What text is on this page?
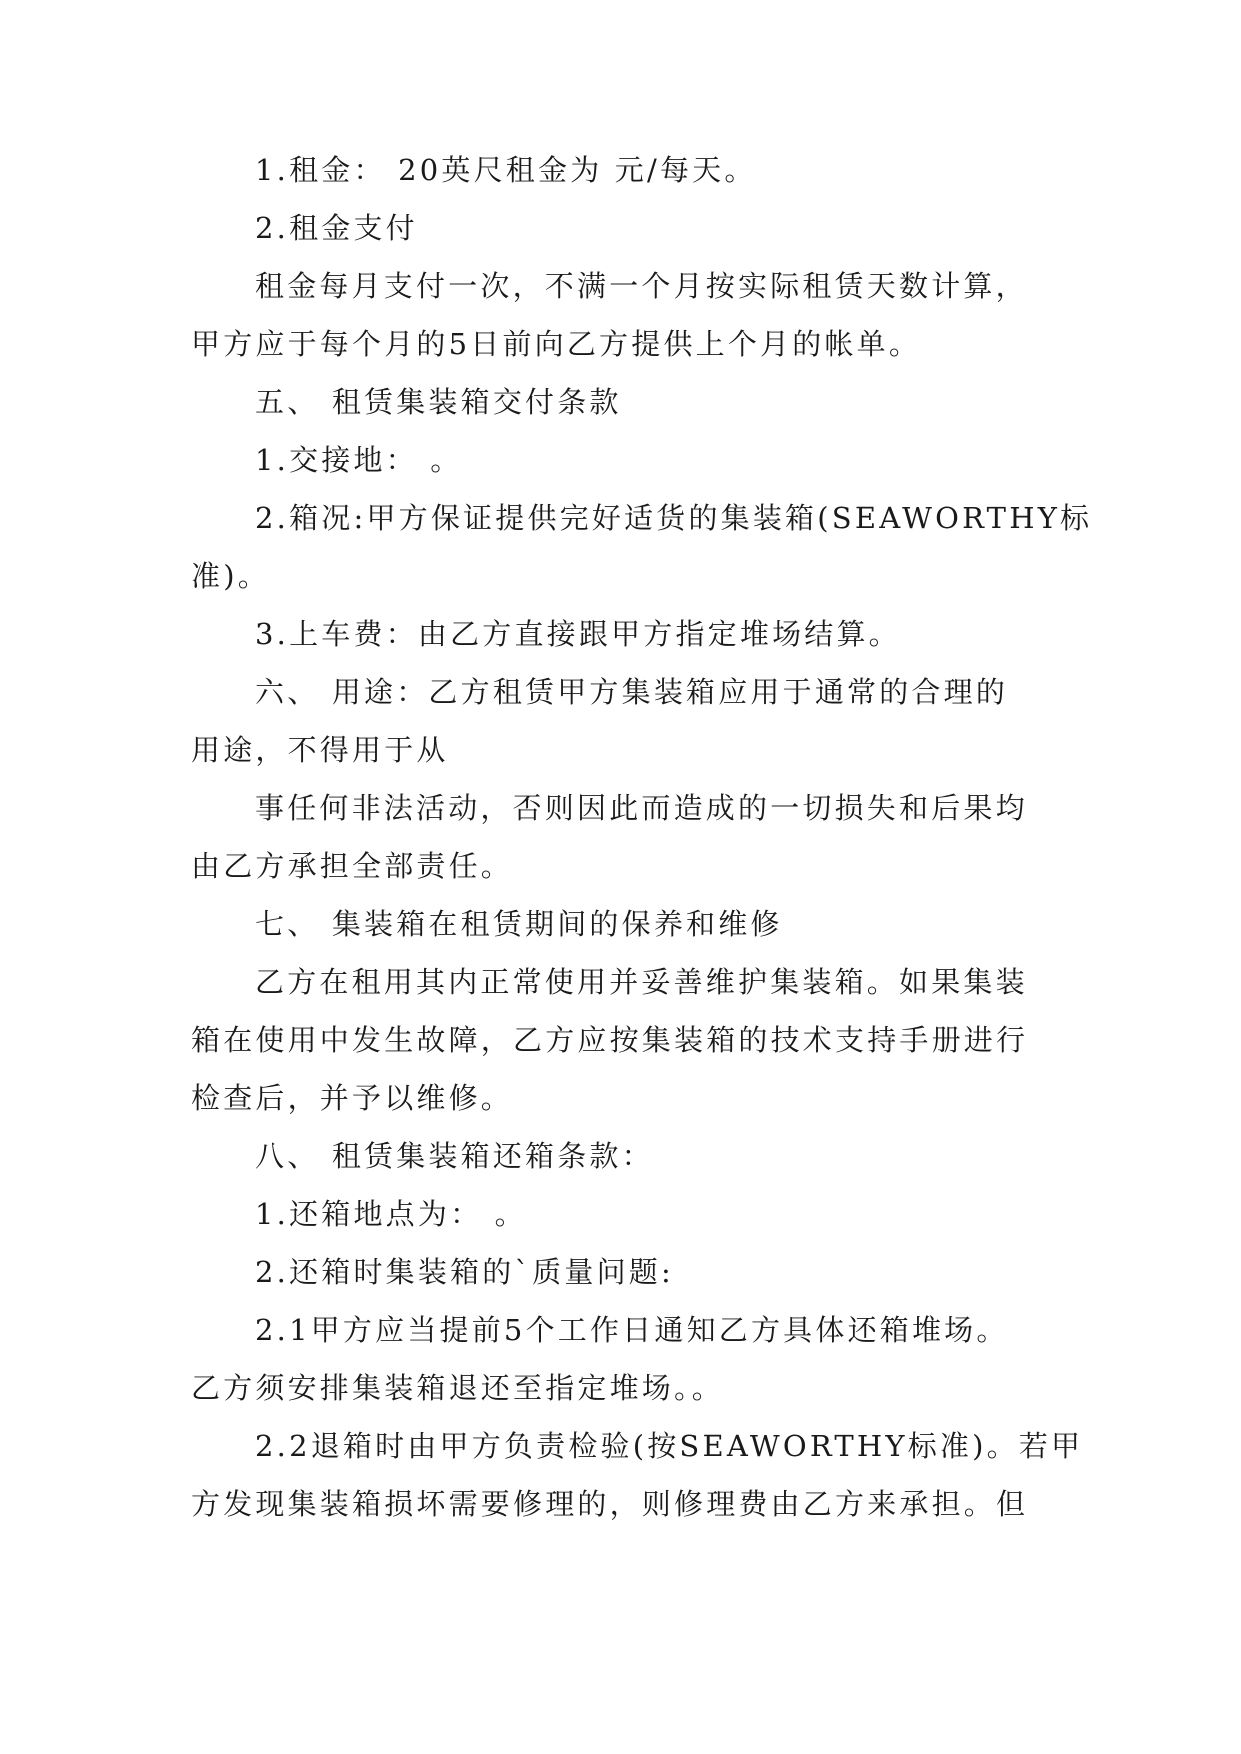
1.租金： 20英尺租金为 元/每天。

2.租金支付

租金每月支付一次，不满一个月按实际租赁天数计算，

甲方应于每个月的5日前向乙方提供上个月的帐单。

五、 租赁集装箱交付条款

1.交接地： 。

2.箱况:甲方保证提供完好适货的集装箱(SEAWORTHY标

准)。

3.上车费：由乙方直接跟甲方指定堆场结算。

六、 用途：乙方租赁甲方集装箱应用于通常的合理的

用途，不得用于从

事任何非法活动，否则因此而造成的一切损失和后果均

由乙方承担全部责任。

七、 集装箱在租赁期间的保养和维修

乙方在租用其内正常使用并妥善维护集装箱。如果集装

箱在使用中发生故障，乙方应按集装箱的技术支持手册进行

检查后，并予以维修。

八、 租赁集装箱还箱条款：

1.还箱地点为： 。

2.还箱时集装箱的`质量问题:

2.1甲方应当提前5个工作日通知乙方具体还箱堆场。

乙方须安排集装箱退还至指定堆场。。

2.2退箱时由甲方负责检验(按SEAWORTHY标准)。若甲

方发现集装箱损坏需要修理的，则修理费由乙方来承担。但
